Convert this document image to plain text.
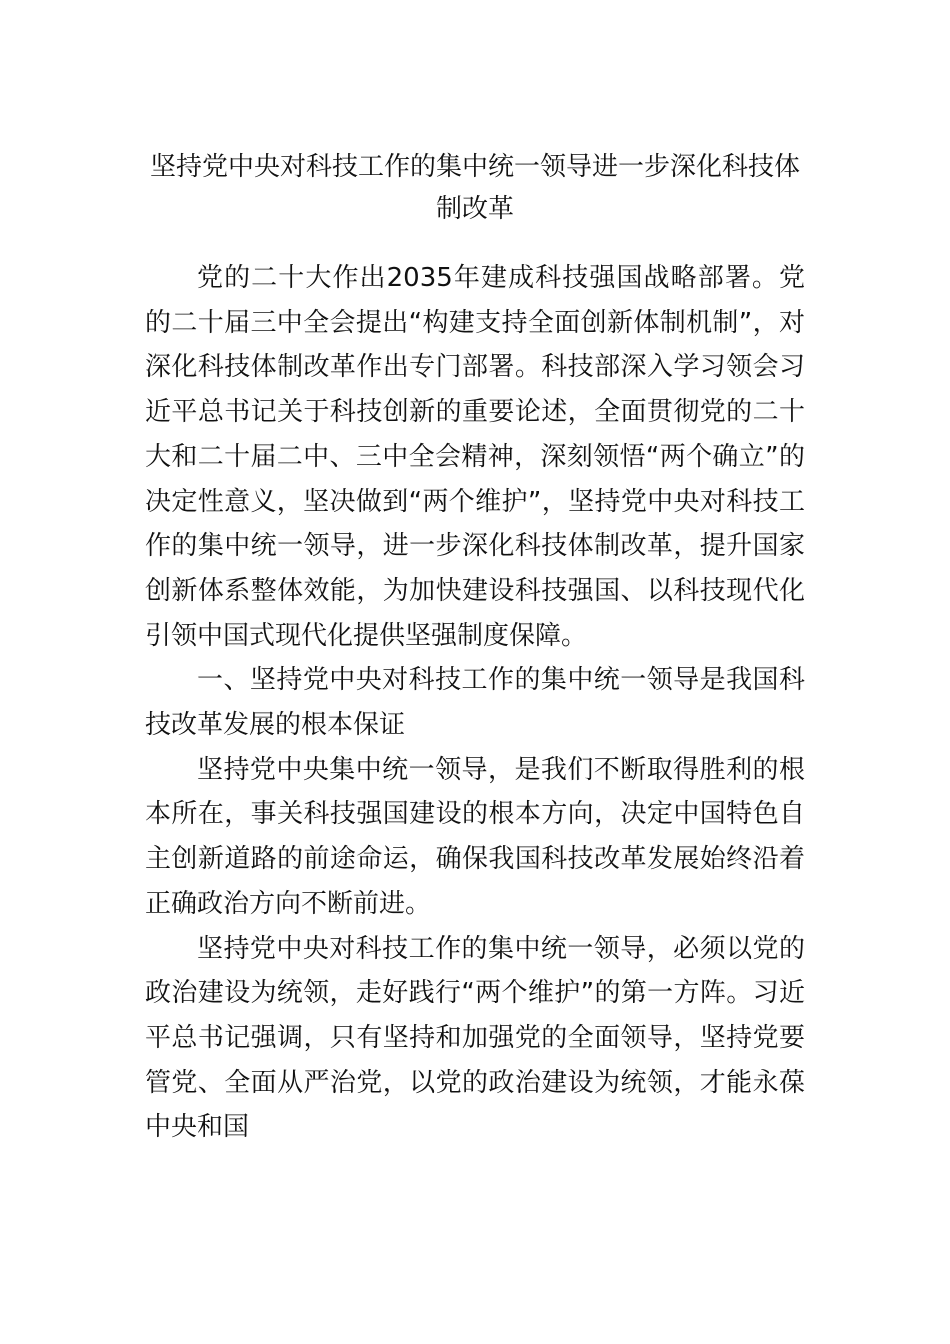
坚持党中央对科技工作的集中统一领导进一步深化科技体制改革

党的二十大作出2035年建成科技强国战略部署。党的二十届三中全会提出“构建支持全面创新体制机制”，对深化科技体制改革作出专门部署。科技部深入学习领会习近平总书记关于科技创新的重要论述，全面贯彻党的二十大和二十届二中、三中全会精神，深刻领悟“两个确立”的决定性意义，坚决做到“两个维护”，坚持党中央对科技工作的集中统一领导，进一步深化科技体制改革，提升国家创新体系整体效能，为加快建设科技强国、以科技现代化引领中国式现代化提供坚强制度保障。

一、坚持党中央对科技工作的集中统一领导是我国科技改革发展的根本保证

坚持党中央集中统一领导，是我们不断取得胜利的根本所在，事关科技强国建设的根本方向，决定中国特色自主创新道路的前途命运，确保我国科技改革发展始终沿着正确政治方向不断前进。

坚持党中央对科技工作的集中统一领导，必须以党的政治建设为统领，走好践行“两个维护”的第一方阵。习近平总书记强调，只有坚持和加强党的全面领导，坚持党要管党、全面从严治党，以党的政治建设为统领，才能永葆中央和国
